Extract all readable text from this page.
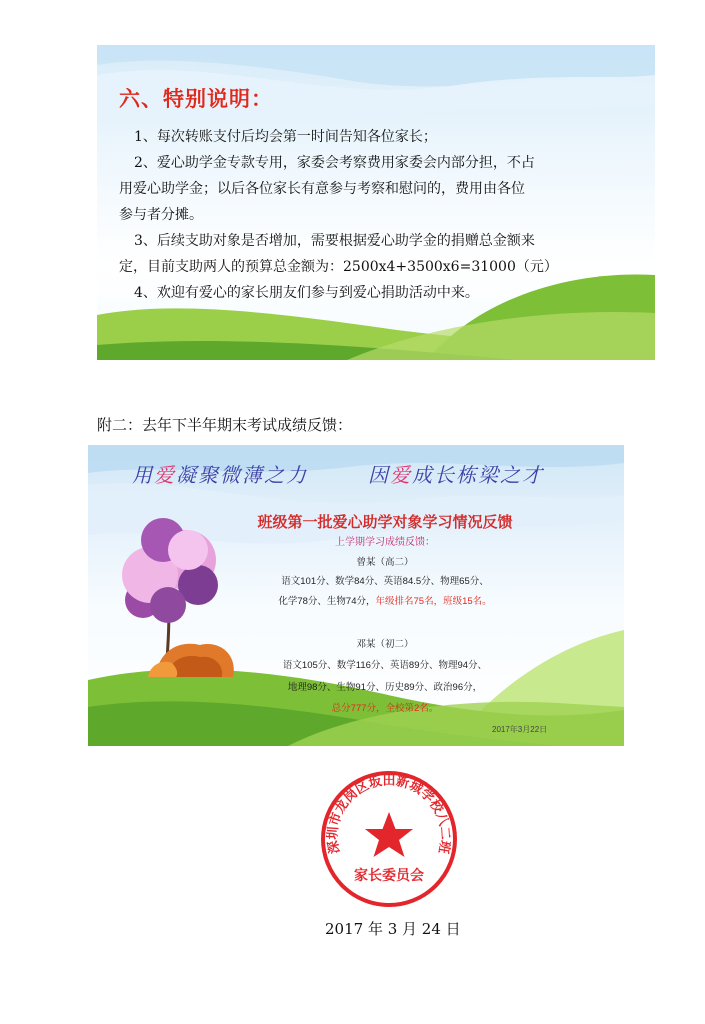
六、特别说明：

1、每次转账支付后均会第一时间告知各位家长；

2、爱心助学金专款专用，家委会考察费用家委会内部分担，不占

用爱心助学金；以后各位家长有意参与考察和慰问的，费用由各位

参与者分摊。

3、后续支助对象是否增加，需要根据爱心助学金的捐赠总金额来

定，目前支助两人的预算总金额为：2500x4+3500x6=31000（元）

4、欢迎有爱心的家长朋友们参与到爱心捐助活动中来。

附二：去年下半年期末考试成绩反馈：
用爱凝聚微薄之力	因爱成长栋梁之才
班级第一批爱心助学对象学习情况反馈
上学期学习成绩反馈：
曾某（高二）
语文101分、数学84分、英语84.5分、物理65分、
化学78分、生物74分，年级排名75名，班级15名。
邓某（初二）
语文105分、数学116分、英语89分、物理94分、
地理98分、生物91分、历史89分、政治96分，
总分777分，全校第2名。
2017年3月22日
深圳市龙岗区坂田新城学校八二班
家长委员会
2017 年 3 月 24 日
